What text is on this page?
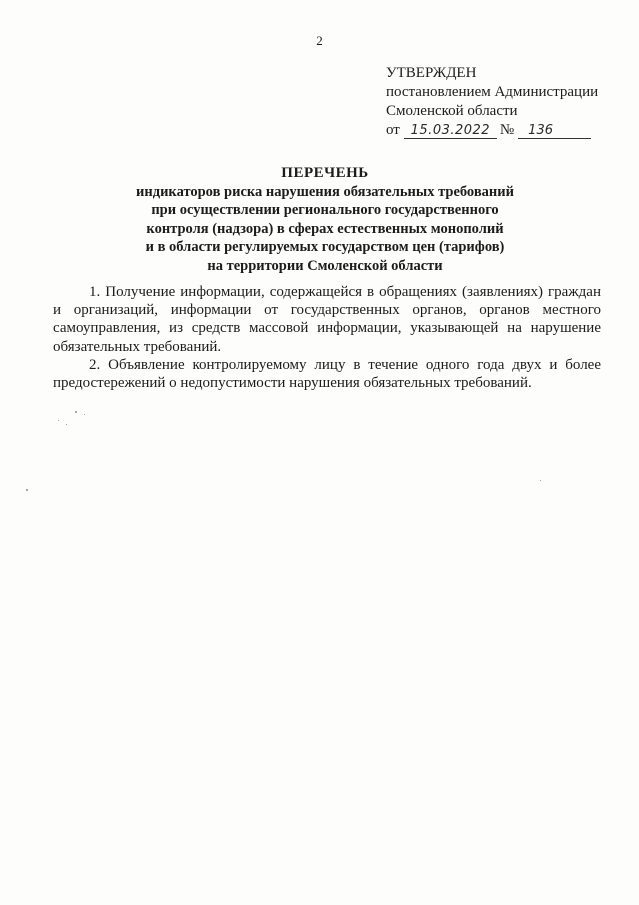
2
УТВЕРЖДЕН
постановлением Администрации
Смоленской области
от 15.03.2022 №	136
ПЕРЕЧЕНЬ
индикаторов риска нарушения обязательных требований
при осуществлении регионального государственного
контроля (надзора) в сферах естественных монополий
и в области регулируемых государством цен (тарифов)
на территории Смоленской области

1. Получение информации, содержащейся в обращениях (заявлениях) граждан и организаций, информации от государственных органов, органов местного самоуправления, из средств массовой информации, указывающей на нарушение обязательных требований.

2. Объявление контролируемому лицу в течение одного года двух и более предостережений о недопустимости нарушения обязательных требований.
